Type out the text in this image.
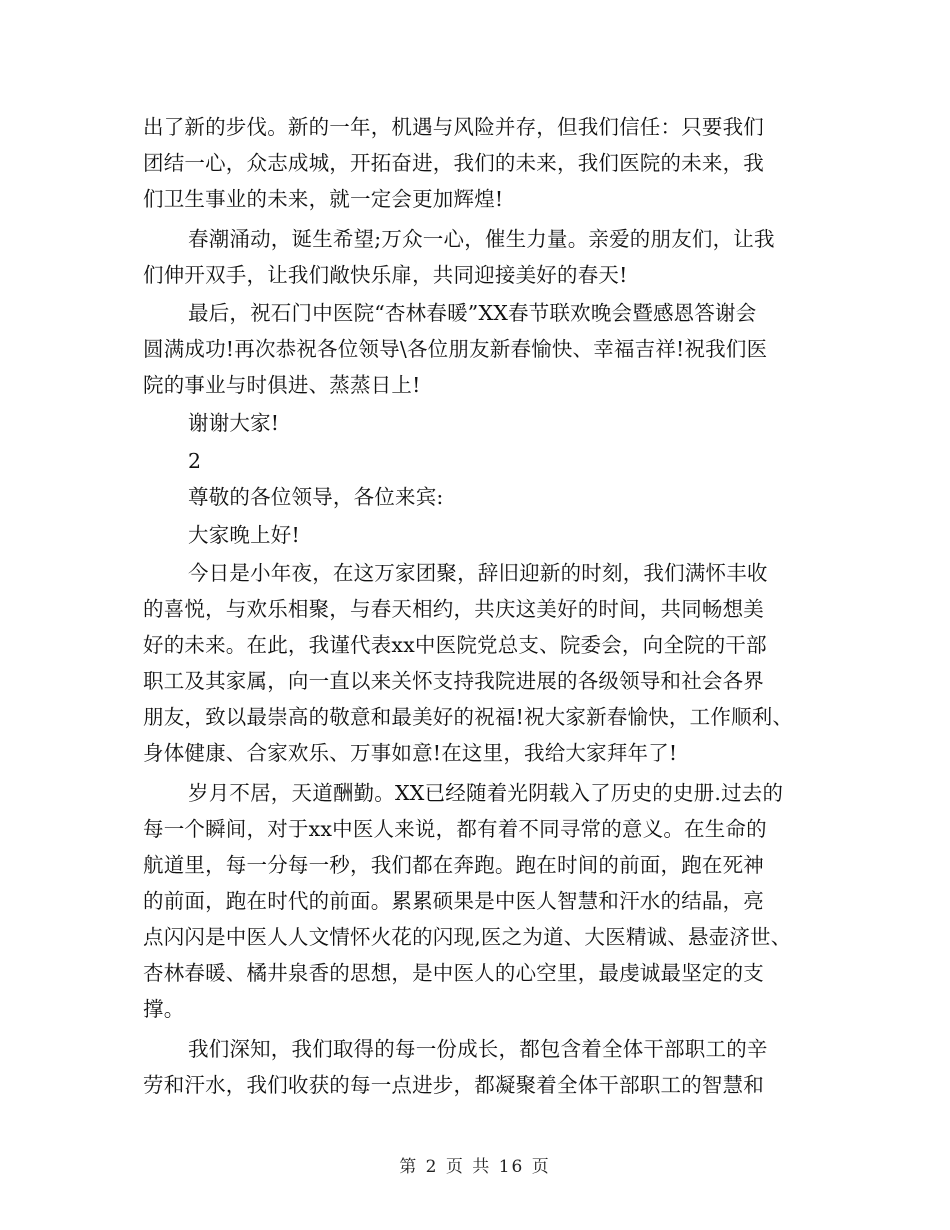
出了新的步伐。新的一年，机遇与风险并存，但我们信任：只要我们
团结一心，众志成城，开拓奋进，我们的未来，我们医院的未来，我
们卫生事业的未来，就一定会更加辉煌!
春潮涌动，诞生希望;万众一心，催生力量。亲爱的朋友们，让我
们伸开双手，让我们敞快乐扉，共同迎接美好的春天!
最后，祝石门中医院“杏林春暖”XX春节联欢晚会暨感恩答谢会
圆满成功!再次恭祝各位领导\各位朋友新春愉快、幸福吉祥!祝我们医
院的事业与时俱进、蒸蒸日上!
谢谢大家!
2
尊敬的各位领导，各位来宾:
大家晚上好!
今日是小年夜，在这万家团聚，辞旧迎新的时刻，我们满怀丰收
的喜悦，与欢乐相聚，与春天相约，共庆这美好的时间，共同畅想美
好的未来。在此，我谨代表xx中医院党总支、院委会，向全院的干部
职工及其家属，向一直以来关怀支持我院进展的各级领导和社会各界
朋友，致以最崇高的敬意和最美好的祝福!祝大家新春愉快，工作顺利、
身体健康、合家欢乐、万事如意!在这里，我给大家拜年了!
岁月不居，天道酬勤。XX已经随着光阴载入了历史的史册.过去的
每一个瞬间，对于xx中医人来说，都有着不同寻常的意义。在生命的
航道里，每一分每一秒，我们都在奔跑。跑在时间的前面，跑在死神
的前面，跑在时代的前面。累累硕果是中医人智慧和汗水的结晶，亮
点闪闪是中医人人文情怀火花的闪现,医之为道、大医精诚、悬壶济世、
杏林春暖、橘井泉香的思想，是中医人的心空里，最虔诚最坚定的支
撑。
我们深知，我们取得的每一份成长，都包含着全体干部职工的辛
劳和汗水，我们收获的每一点进步，都凝聚着全体干部职工的智慧和
第 2 页 共 16 页
